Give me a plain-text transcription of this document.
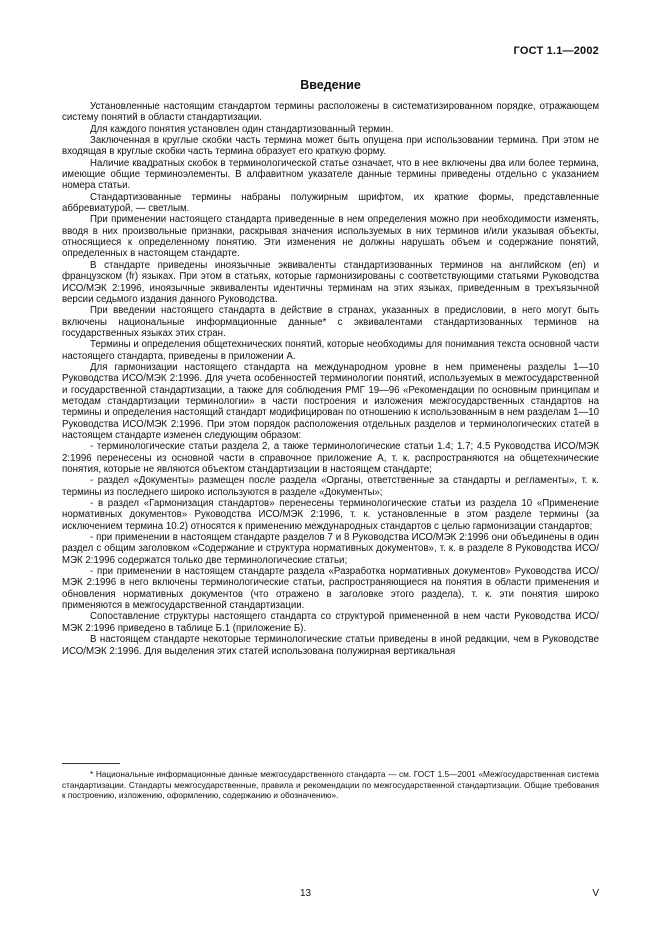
ГОСТ 1.1—2002
Введение

Установленные настоящим стандартом термины расположены в систематизированном порядке, отражающем систему понятий в области стандартизации.

Для каждого понятия установлен один стандартизованный термин.

Заключенная в круглые скобки часть термина может быть опущена при использовании термина. При этом не входящая в круглые скобки часть термина образует его краткую форму.

Наличие квадратных скобок в терминологической статье означает, что в нее включены два или более термина, имеющие общие терминоэлементы. В алфавитном указателе данные термины приведены отдельно с указанием номера статьи.

Стандартизованные термины набраны полужирным шрифтом, их краткие формы, представленные аббревиатурой, — светлым.

При применении настоящего стандарта приведенные в нем определения можно при необходимости изменять, вводя в них произвольные признаки, раскрывая значения используемых в них терминов и/или указывая объекты, относящиеся к определенному понятию. Эти изменения не должны нарушать объем и содержание понятий, определенных в настоящем стандарте.

В стандарте приведены иноязычные эквиваленты стандартизованных терминов на английском (en) и французском (fr) языках. При этом в статьях, которые гармонизированы с соответствующими статьями Руководства ИСО/МЭК 2:1996, иноязычные эквиваленты идентичны терминам на этих языках, приведенным в трехъязычной версии седьмого издания данного Руководства.

При введении настоящего стандарта в действие в странах, указанных в предисловии, в него могут быть включены национальные информационные данные* с эквивалентами стандартизованных терминов на государственных языках этих стран.

Термины и определения общетехнических понятий, которые необходимы для понимания текста основной части настоящего стандарта, приведены в приложении А.

Для гармонизации настоящего стандарта на международном уровне в нем применены разделы 1—10 Руководства ИСО/МЭК 2:1996. Для учета особенностей терминологии понятий, используемых в межгосударственной и государственной стандартизации, а также для соблюдения РМГ 19—96 «Рекомендации по основным принципам и методам стандартизации терминологии» в части построения и изложения межгосударственных стандартов на термины и определения настоящий стандарт модифицирован по отношению к использованным в нем разделам 1—10 Руководства ИСО/МЭК 2:1996. При этом порядок расположения отдельных разделов и терминологических статей в настоящем стандарте изменен следующим образом:

- терминологические статьи раздела 2, а также терминологические статьи 1.4; 1.7; 4.5 Руководства ИСО/МЭК 2:1996 перенесены из основной части в справочное приложение А, т. к. распространяются на общетехнические понятия, которые не являются объектом стандартизации в настоящем стандарте;

- раздел «Документы» размещен после раздела «Органы, ответственные за стандарты и регламенты», т. к. термины из последнего широко используются в разделе «Документы»;

- в раздел «Гармонизация стандартов» перенесены терминологические статьи из раздела 10 «Применение нормативных документов» Руководства ИСО/МЭК 2:1996, т. к. установленные в этом разделе термины (за исключением термина 10.2) относятся к применению международных стандартов с целью гармонизации стандартов;

- при применении в настоящем стандарте разделов 7 и 8 Руководства ИСО/МЭК 2:1996 они объединены в один раздел с общим заголовком «Содержание и структура нормативных документов», т. к. в разделе 8 Руководства ИСО/МЭК 2:1996 содержатся только две терминологические статьи;

- при применении в настоящем стандарте раздела «Разработка нормативных документов» Руководства ИСО/МЭК 2:1996 в него включены терминологические статьи, распространяющиеся на понятия в области применения и обновления нормативных документов (что отражено в заголовке этого раздела), т. к. эти понятия широко применяются в межгосударственной стандартизации.

Сопоставление структуры настоящего стандарта со структурой примененной в нем части Руководства ИСО/МЭК 2:1996 приведено в таблице Б.1 (приложение Б).

В настоящем стандарте некоторые терминологические статьи приведены в иной редакции, чем в Руководстве ИСО/МЭК 2:1996. Для выделения этих статей использована полужирная вертикальная

* Национальные информационные данные межгосударственного стандарта — см. ГОСТ 1.5—2001 «Межгосударственная система стандартизации. Стандарты межгосударственные, правила и рекомендации по межгосударственной стандартизации. Общие требования к построению, изложению, оформлению, содержанию и обозначению».

13	V
